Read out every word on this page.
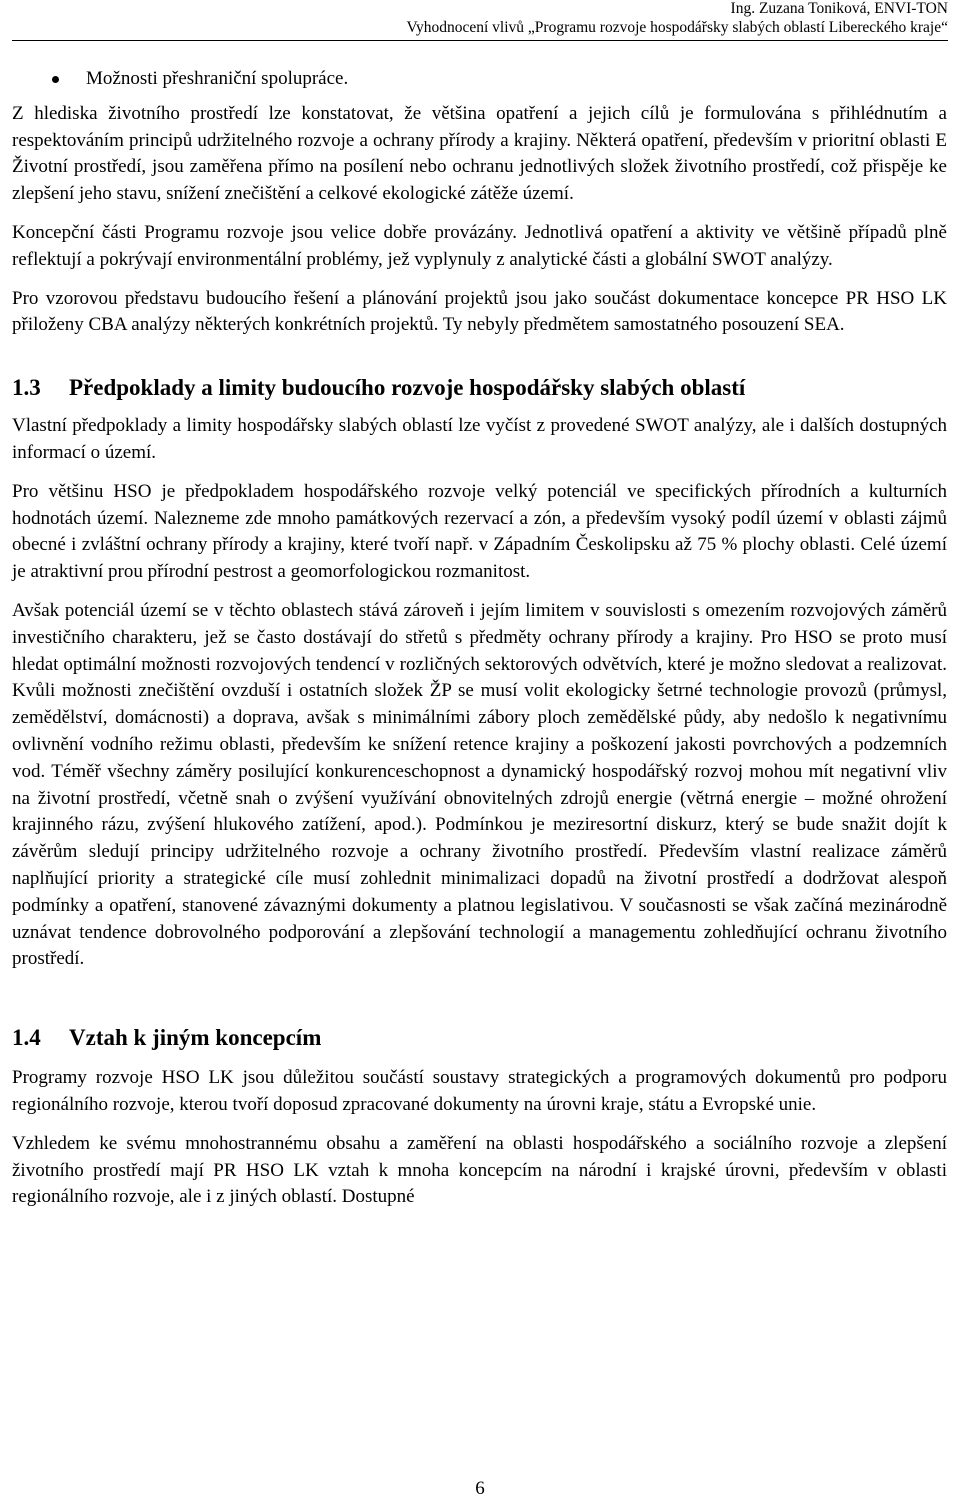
Ing. Zuzana Toniková, ENVI-TON
Vyhodnocení vlivů „Programu rozvoje hospodářsky slabých oblastí Libereckého kraje“
Možnosti přeshraniční spolupráce.

Z hlediska životního prostředí lze konstatovat, že většina opatření a jejich cílů je formulována s přihlédnutím a respektováním principů udržitelného rozvoje a ochrany přírody a krajiny. Některá opatření, především v prioritní oblasti E Životní prostředí, jsou zaměřena přímo na posílení nebo ochranu jednotlivých složek životního prostředí, což přispěje ke zlepšení jeho stavu, snížení znečištění a celkové ekologické zátěže území.

Koncepční části Programu rozvoje jsou velice dobře provázány. Jednotlivá opatření a aktivity ve většině případů plně reflektují a pokrývají environmentální problémy, jež vyplynuly z analytické části a globální SWOT analýzy.

Pro vzorovou představu budoucího řešení a plánování projektů jsou jako součást dokumentace koncepce PR HSO LK přiloženy CBA analýzy některých konkrétních projektů. Ty nebyly předmětem samostatného posouzení SEA.

1.3 Předpoklady a limity budoucího rozvoje hospodářsky slabých oblastí

Vlastní předpoklady a limity hospodářsky slabých oblastí lze vyčíst z provedené SWOT analýzy, ale i dalších dostupných informací o území.

Pro většinu HSO je předpokladem hospodářského rozvoje velký potenciál ve specifických přírodních a kulturních hodnotách území. Nalezneme zde mnoho památkových rezervací a zón, a především vysoký podíl území v oblasti zájmů obecné i zvláštní ochrany přírody a krajiny, které tvoří např. v Západním Českolipsku až 75 % plochy oblasti. Celé území je atraktivní prou přírodní pestrost a geomorfologickou rozmanitost.

Avšak potenciál území se v těchto oblastech stává zároveň i jejím limitem v souvislosti s omezením rozvojových záměrů investičního charakteru, jež se často dostávají do střetů s předměty ochrany přírody a krajiny. Pro HSO se proto musí hledat optimální možnosti rozvojových tendencí v rozličných sektorových odvětvích, které je možno sledovat a realizovat. Kvůli možnosti znečištění ovzduší i ostatních složek ŽP se musí volit ekologicky šetrné technologie provozů (průmysl, zemědělství, domácnosti) a doprava, avšak s minimálními zábory ploch zemědělské půdy, aby nedošlo k negativnímu ovlivnění vodního režimu oblasti, především ke snížení retence krajiny a poškození jakosti povrchových a podzemních vod. Téměř všechny záměry posilující konkurenceschopnost a dynamický hospodářský rozvoj mohou mít negativní vliv na životní prostředí, včetně snah o zvýšení využívání obnovitelných zdrojů energie (větrná energie – možné ohrožení krajinného rázu, zvýšení hlukového zatížení, apod.). Podmínkou je meziresortní diskurz, který se bude snažit dojít k závěrům sledují principy udržitelného rozvoje a ochrany životního prostředí. Především vlastní realizace záměrů naplňující priority a strategické cíle musí zohlednit minimalizaci dopadů na životní prostředí a dodržovat alespoň podmínky a opatření, stanovené závaznými dokumenty a platnou legislativou. V současnosti se však začíná mezinárodně uznávat tendence dobrovolného podporování a zlepšování technologií a managementu zohledňující ochranu životního prostředí.

1.4 Vztah k jiným koncepcím

Programy rozvoje HSO LK jsou důležitou součástí soustavy strategických a programových dokumentů pro podporu regionálního rozvoje, kterou tvoří doposud zpracované dokumenty na úrovni kraje, státu a Evropské unie.

Vzhledem ke svému mnohostrannému obsahu a zaměření na oblasti hospodářského a sociálního rozvoje a zlepšení životního prostředí mají PR HSO LK vztah k mnoha koncepcím na národní i krajské úrovni, především v oblasti regionálního rozvoje, ale i z jiných oblastí. Dostupné

6
